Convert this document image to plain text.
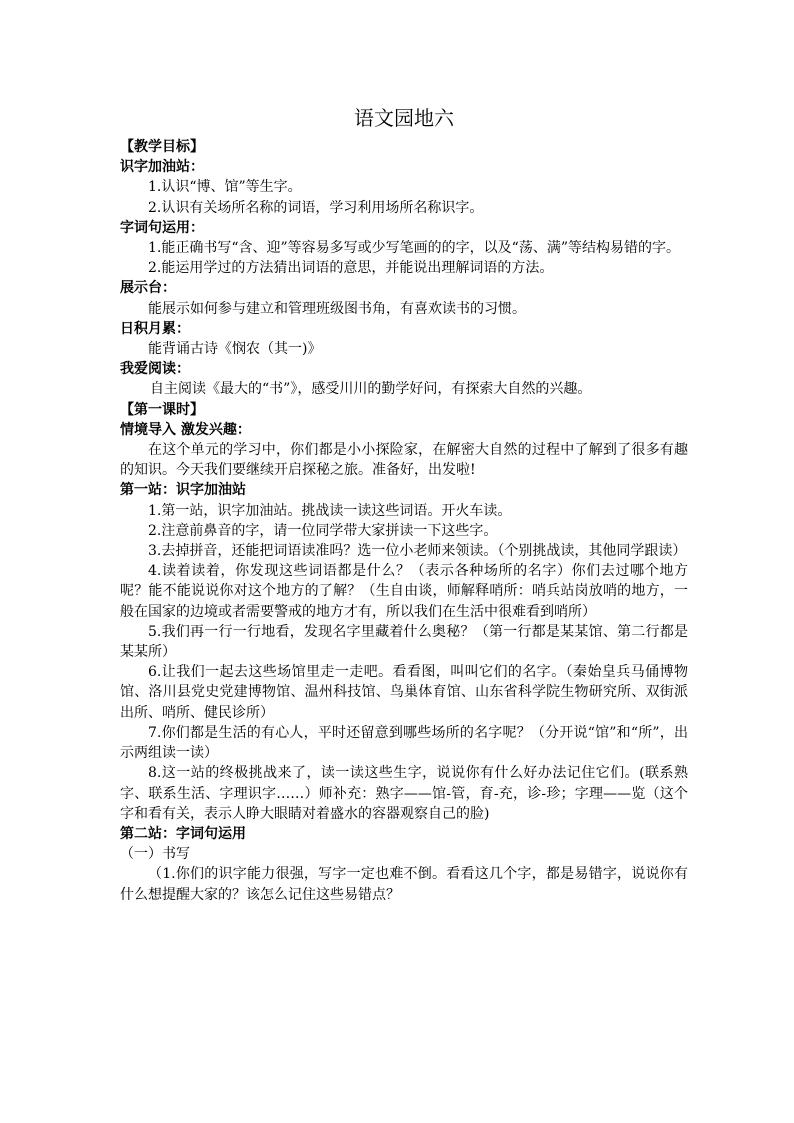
语文园地六
【教学目标】
识字加油站：
1.认识“博、馆”等生字。
2.认识有关场所名称的词语，学习利用场所名称识字。
字词句运用：
1.能正确书写“含、迎”等容易多写或少写笔画的的字，以及“荡、满”等结构易错的字。
2.能运用学过的方法猜出词语的意思，并能说出理解词语的方法。
展示台：
能展示如何参与建立和管理班级图书角，有喜欢读书的习惯。
日积月累：
能背诵古诗《悯农（其一)》
我爱阅读：
自主阅读《最大的“书”》，感受川川的勤学好问，有探索大自然的兴趣。
【第一课时】
情境导入 激发兴趣：
在这个单元的学习中，你们都是小小探险家，在解密大自然的过程中了解到了很多有趣的知识。今天我们要继续开启探秘之旅。准备好，出发啦!
第一站：识字加油站
1.第一站，识字加油站。挑战读一读这些词语。开火车读。
2.注意前鼻音的字，请一位同学带大家拼读一下这些字。
3.去掉拼音，还能把词语读准吗？选一位小老师来领读。（个别挑战读，其他同学跟读）
4.读着读着，你发现这些词语都是什么？（表示各种场所的名字）你们去过哪个地方呢？能不能说说你对这个地方的了解？（生自由谈，师解释哨所：哨兵站岗放哨的地方，一般在国家的边境或者需要警戒的地方才有，所以我们在生活中很难看到哨所）
5.我们再一行一行地看，发现名字里藏着什么奥秘？（第一行都是某某馆、第二行都是某某所）
6.让我们一起去这些场馆里走一走吧。看看图，叫叫它们的名字。（秦始皇兵马俑博物馆、洛川县党史党建博物馆、温州科技馆、鸟巢体育馆、山东省科学院生物研究所、双街派出所、哨所、健民诊所）
7.你们都是生活的有心人，平时还留意到哪些场所的名字呢？（分开说“馆”和“所”，出示两组读一读）
8.这一站的终极挑战来了，读一读这些生字，说说你有什么好办法记住它们。(联系熟字、联系生活、字理识字……）师补充：熟字——馆-管，育-充，诊-珍；字理——览（这个字和看有关，表示人睁大眼睛对着盛水的容器观察自己的脸)
第二站：字词句运用
（一）书写
（1.你们的识字能力很强，写字一定也难不倒。看看这几个字，都是易错字，说说你有什么想提醒大家的？该怎么记住这些易错点？
